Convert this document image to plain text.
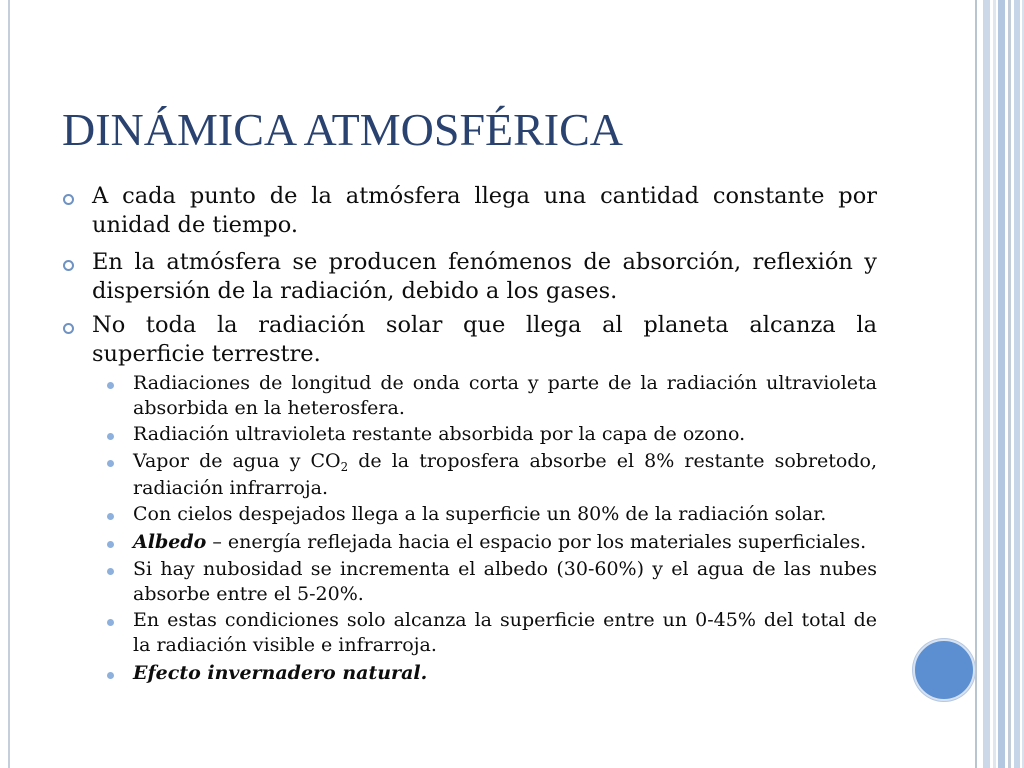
DINÁMICA ATMOSFÉRICA
A cada punto de la atmósfera llega una cantidad constante por
unidad de tiempo.
En la atmósfera se producen fenómenos de absorción, reflexión y
dispersión de la radiación, debido a los gases.
No toda la radiación solar que llega al planeta alcanza la
superficie terrestre.
Radiaciones de longitud de onda corta y parte de la radiación ultravioleta
absorbida en la heterosfera.
Radiación ultravioleta restante absorbida por la capa de ozono.
Vapor de agua y CO2 de la troposfera absorbe el 8% restante sobretodo,
radiación infrarroja.
Con cielos despejados llega a la superficie un 80% de la radiación solar.
Albedo – energía reflejada hacia el espacio por los materiales superficiales.
Si hay nubosidad se incrementa el albedo (30-60%) y el agua de las nubes
absorbe entre el 5-20%.
En estas condiciones solo alcanza la superficie entre un 0-45% del total de
la radiación visible e infrarroja.
Efecto invernadero natural.
